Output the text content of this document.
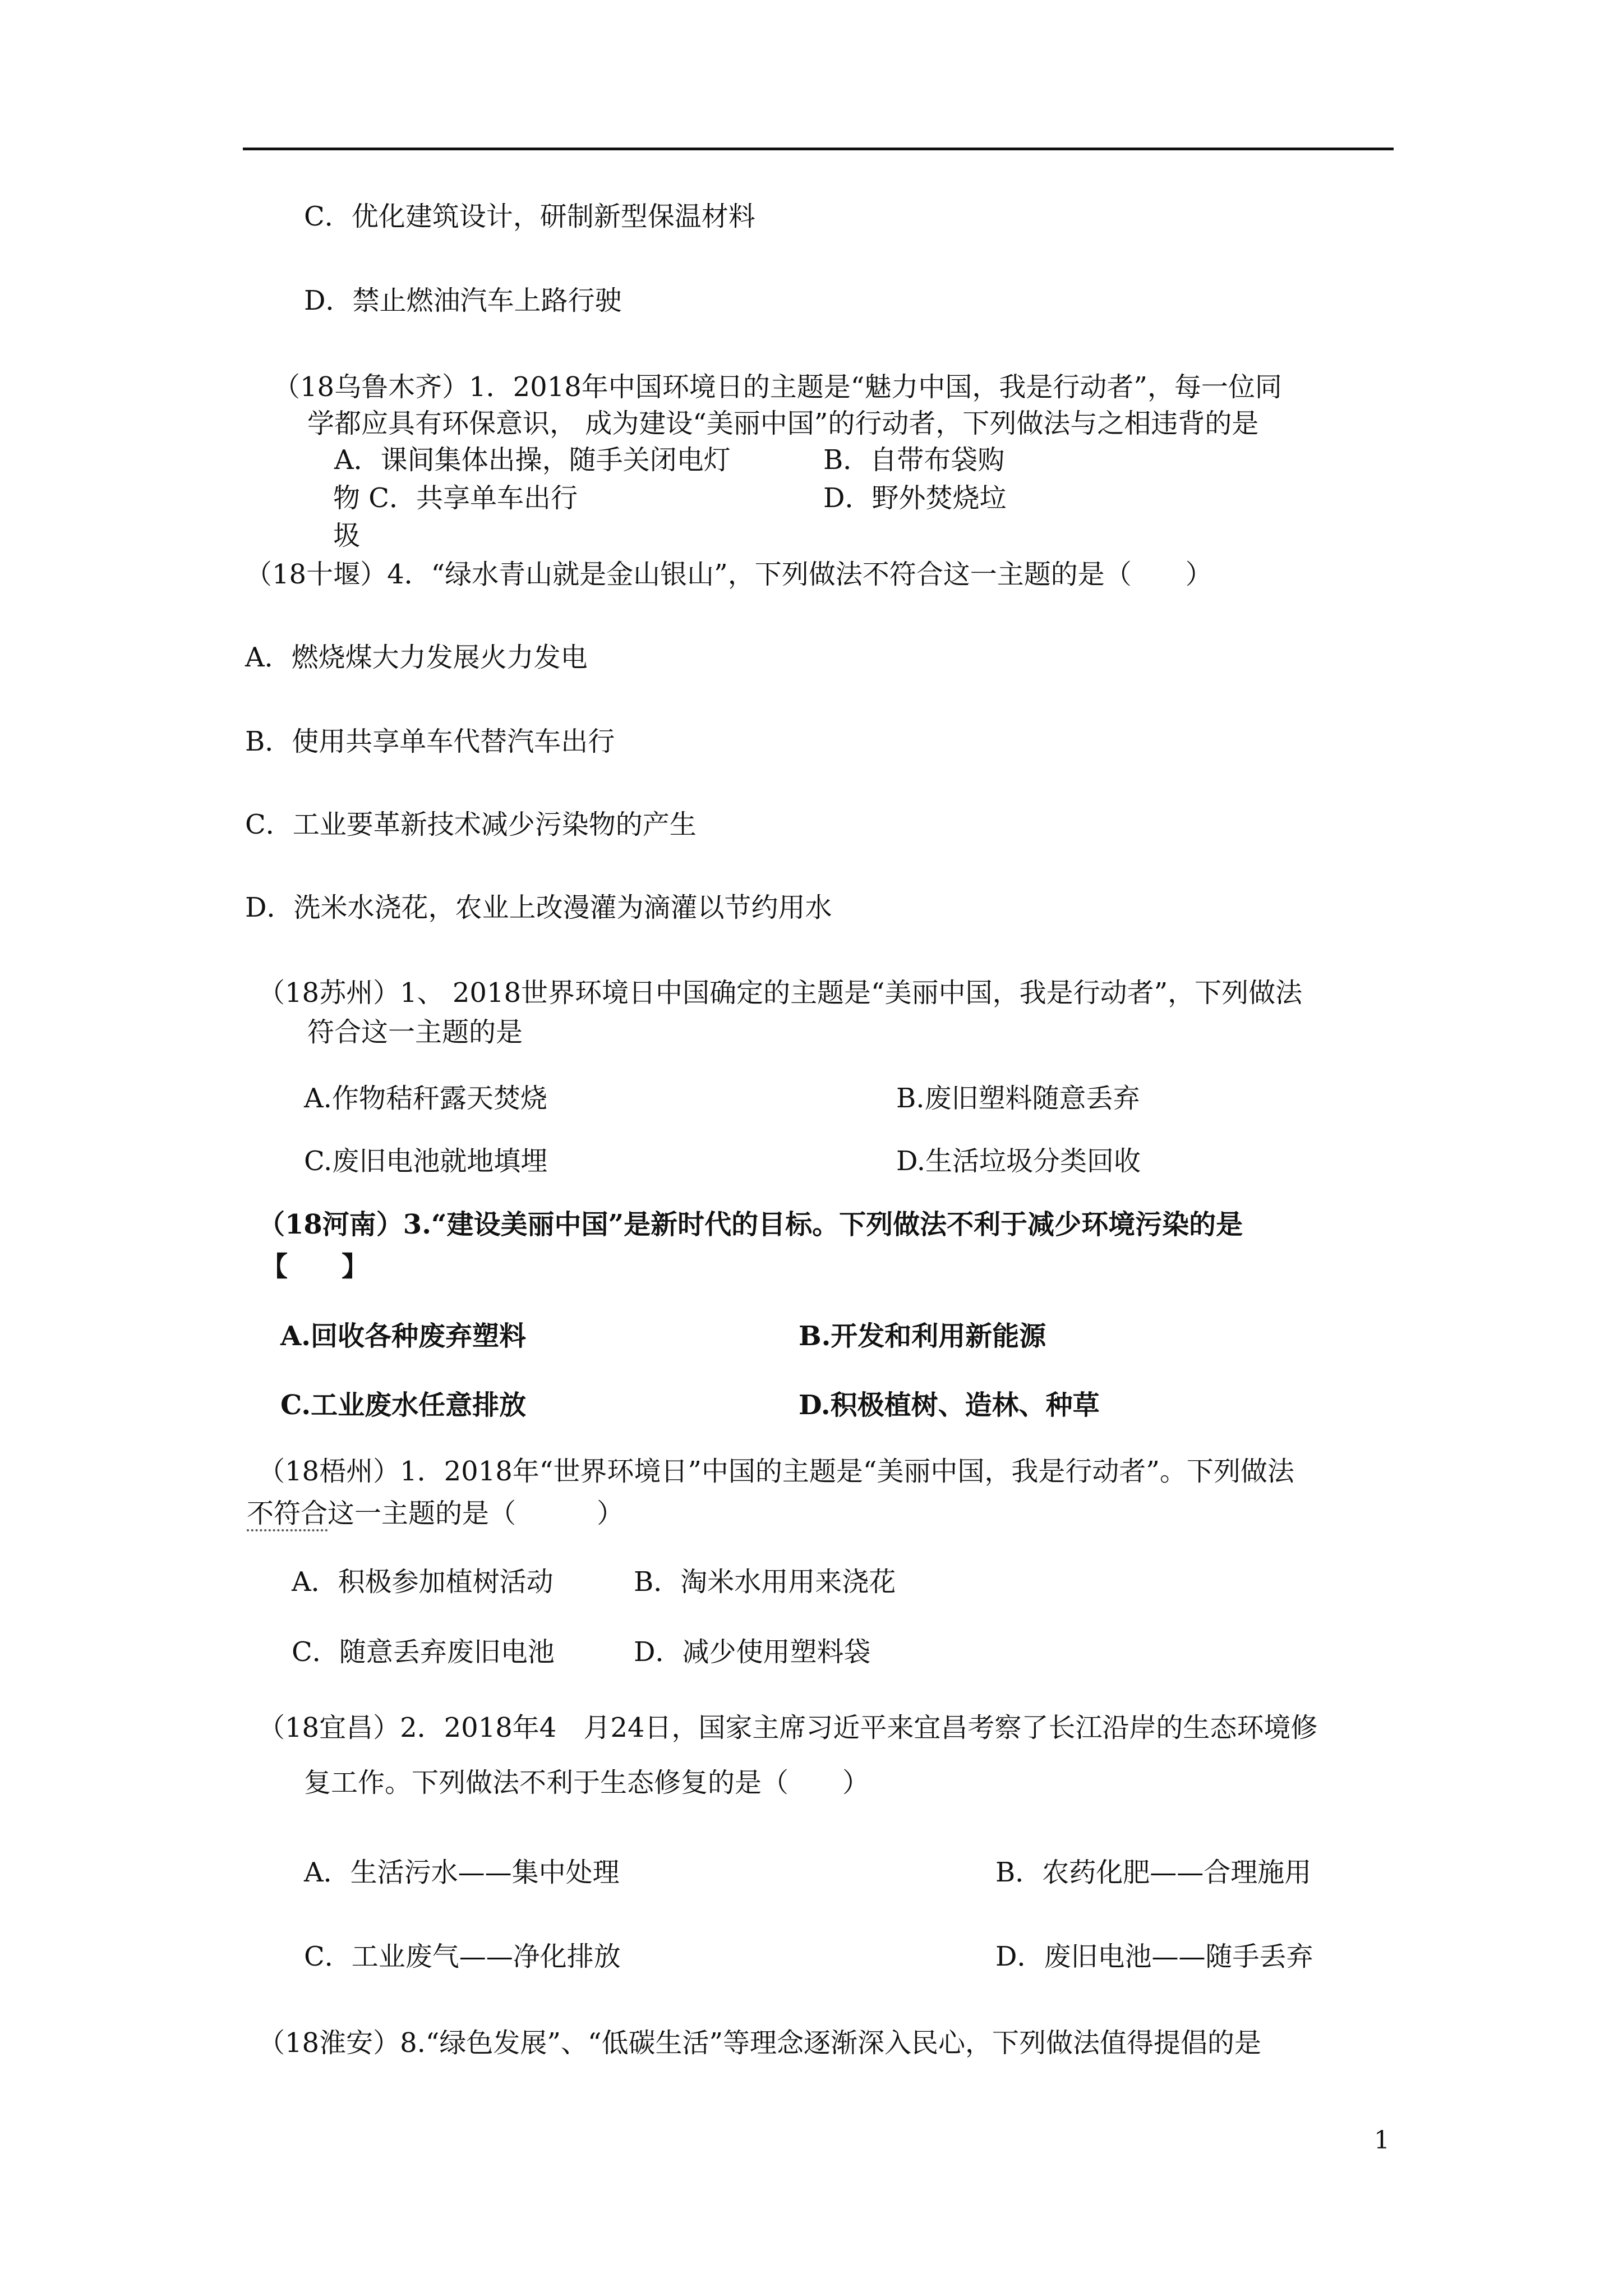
C．优化建筑设计，研制新型保温材料
D．禁止燃油汽车上路行驶
（18乌鲁木齐）1．2018年中国环境日的主题是“魅力中国，我是行动者”，每一位同
学都应具有环保意识， 成为建设“美丽中国”的行动者，下列做法与之相违背的是
A．课间集体出操，随手关闭电灯	B．自带布袋购
物 C．共享单车出行	D．野外焚烧垃
圾
（18十堰）4．“绿水青山就是金山银山”，下列做法不符合这一主题的是（　　）
A．燃烧煤大力发展火力发电
B．使用共享单车代替汽车出行
C．工业要革新技术减少污染物的产生
D．洗米水浇花，农业上改漫灌为滴灌以节约用水
（18苏州）1、 2018世界环境日中国确定的主题是“美丽中国，我是行动者”，下列做法
符合这一主题的是
A.作物秸秆露天焚烧	B.废旧塑料随意丢弃
C.废旧电池就地填埋	D.生活垃圾分类回收
（18河南）3.“建设美丽中国”是新时代的目标。下列做法不利于减少环境污染的是
【　　】
A.回收各种废弃塑料	B.开发和利用新能源
C.工业废水任意排放	D.积极植树、造林、种草
（18梧州）1．2018年“世界环境日”中国的主题是“美丽中国，我是行动者”。下列做法
不符合这一主题的是（　　　）
A．积极参加植树活动	B．淘米水用用来浇花
C．随意丢弃废旧电池	D．减少使用塑料袋
（18宜昌）2．2018年4　月24日，国家主席习近平来宜昌考察了长江沿岸的生态环境修
复工作。下列做法不利于生态修复的是（　　）
A．生活污水——集中处理	B．农药化肥——合理施用
C．工业废气——净化排放	D．废旧电池——随手丢弃
（18淮安）8.“绿色发展”、“低碳生活”等理念逐渐深入民心，下列做法值得提倡的是
1
